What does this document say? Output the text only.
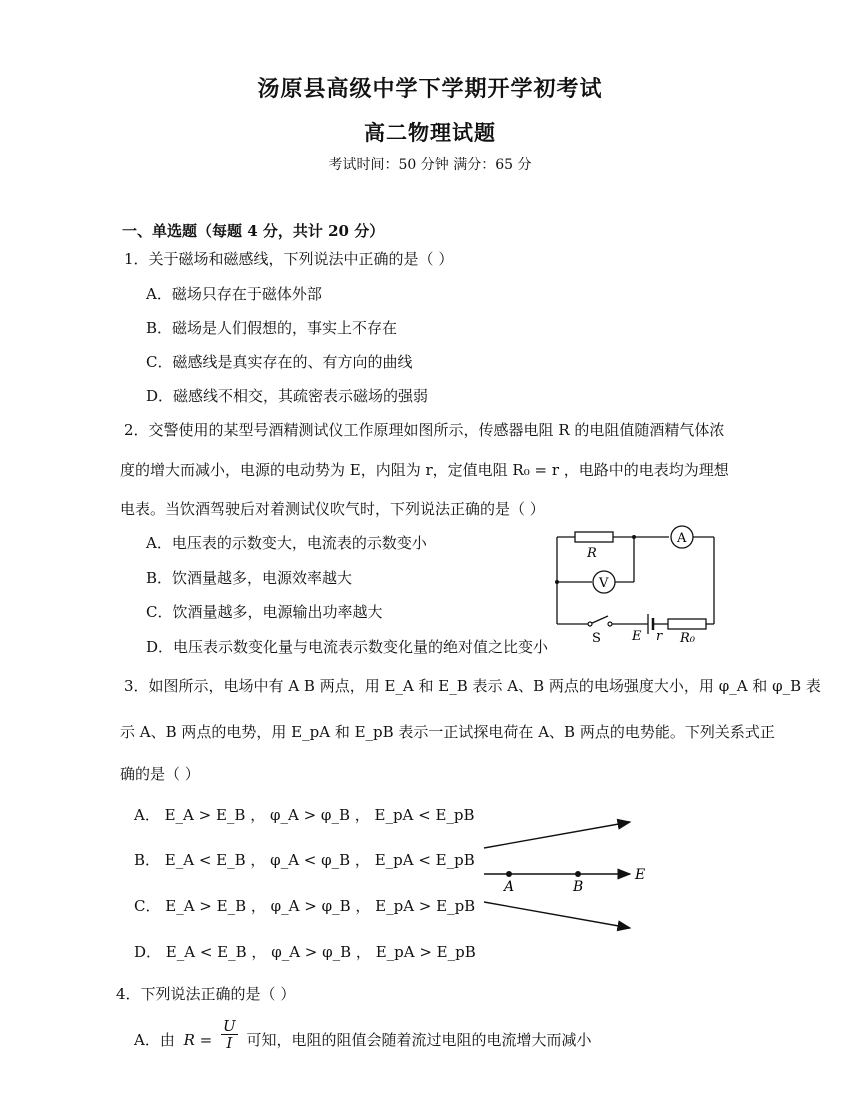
汤原县高级中学下学期开学初考试
高二物理试题
考试时间：50 分钟 满分：65 分
一、单选题（每题 4 分，共计 20 分）
1．关于磁场和磁感线，下列说法中正确的是（ ）
A．磁场只存在于磁体外部
B．磁场是人们假想的，事实上不存在
C．磁感线是真实存在的、有方向的曲线
D．磁感线不相交，其疏密表示磁场的强弱
2．交警使用的某型号酒精测试仪工作原理如图所示，传感器电阻 R 的电阻值随酒精气体浓
度的增大而减小，电源的电动势为 E，内阻为 r，定值电阻 R₀ = r ，电路中的电表均为理想
电表。当饮酒驾驶后对着测试仪吹气时，下列说法正确的是（ ）
A．电压表的示数变大，电流表的示数变小
B．饮酒量越多，电源效率越大
C．饮酒量越多，电源输出功率越大
D．电压表示数变化量与电流表示数变化量的绝对值之比变小
R
A
V
S E r R₀
3．如图所示，电场中有 A B 两点，用 E_A 和 E_B 表示 A、B 两点的电场强度大小，用 φ_A 和 φ_B 表
示 A、B 两点的电势，用 E_pA 和 E_pB 表示一正试探电荷在 A、B 两点的电势能。下列关系式正
确的是（ ）
A． E_A > E_B ， φ_A > φ_B ， E_pA < E_pB
B． E_A < E_B ， φ_A < φ_B ， E_pA < E_pB
C． E_A > E_B ， φ_A > φ_B ， E_pA > E_pB
D． E_A < E_B ， φ_A > φ_B ， E_pA > E_pB
A	B
E
4．下列说法正确的是（ ）
A．由 $R = \frac{U}{I}$ 可知，电阻的阻值会随着流过电阻的电流增大而减小
